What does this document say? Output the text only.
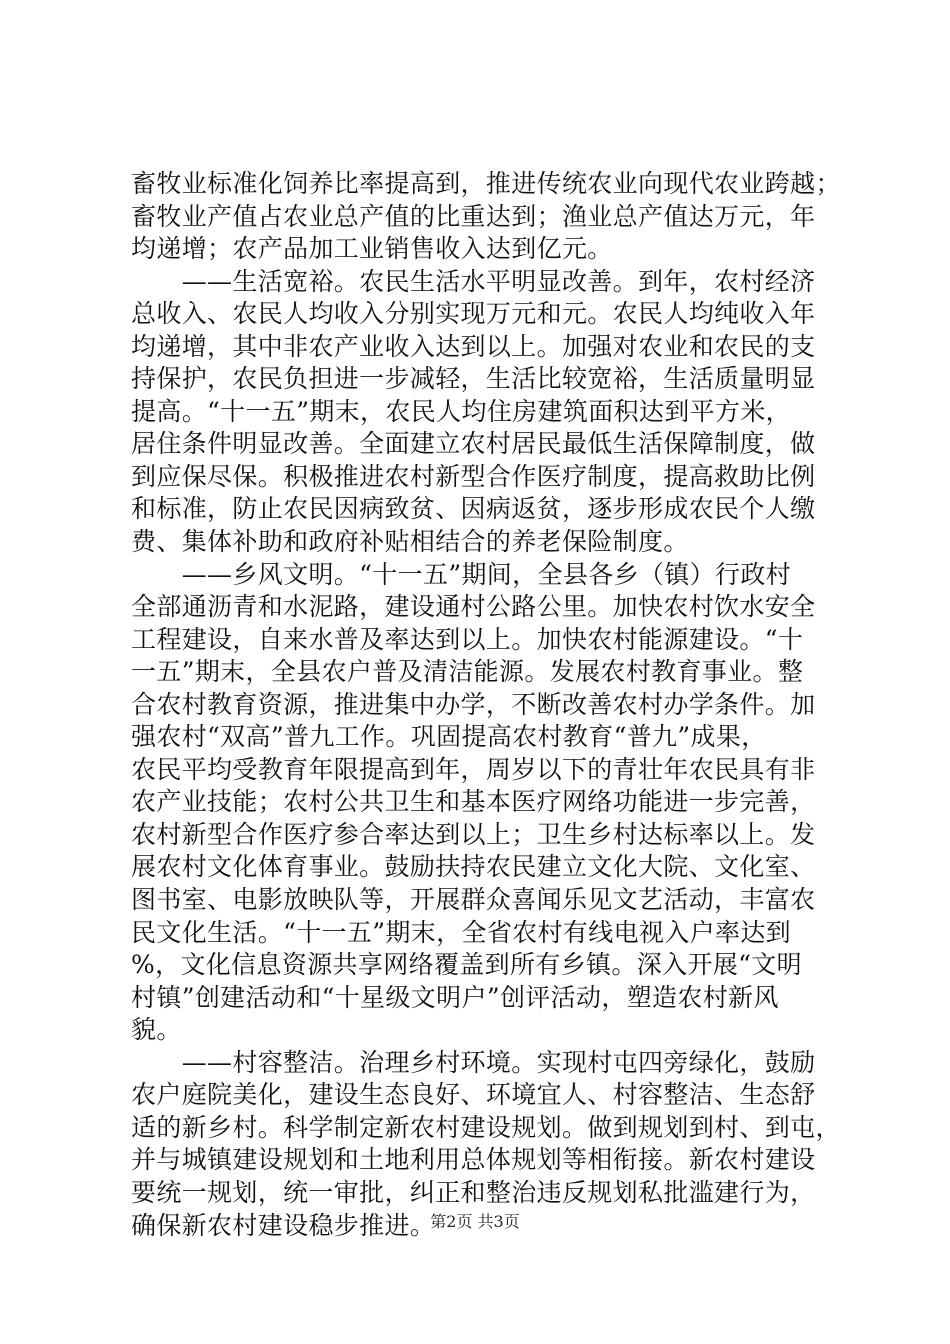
畜牧业标准化饲养比率提高到，推进传统农业向现代农业跨越；
畜牧业产值占农业总产值的比重达到；渔业总产值达万元，年
均递增；农产品加工业销售收入达到亿元。
　　——生活宽裕。农民生活水平明显改善。到年，农村经济
总收入、农民人均收入分别实现万元和元。农民人均纯收入年
均递增，其中非农产业收入达到以上。加强对农业和农民的支
持保护，农民负担进一步减轻，生活比较宽裕，生活质量明显
提高。“十一五”期末，农民人均住房建筑面积达到平方米，
居住条件明显改善。全面建立农村居民最低生活保障制度，做
到应保尽保。积极推进农村新型合作医疗制度，提高救助比例
和标准，防止农民因病致贫、因病返贫，逐步形成农民个人缴
费、集体补助和政府补贴相结合的养老保险制度。
　　——乡风文明。“十一五”期间，全县各乡（镇）行政村
全部通沥青和水泥路，建设通村公路公里。加快农村饮水安全
工程建设，自来水普及率达到以上。加快农村能源建设。“十
一五”期末，全县农户普及清洁能源。发展农村教育事业。整
合农村教育资源，推进集中办学，不断改善农村办学条件。加
强农村“双高”普九工作。巩固提高农村教育“普九”成果，
农民平均受教育年限提高到年，周岁以下的青壮年农民具有非
农产业技能；农村公共卫生和基本医疗网络功能进一步完善，
农村新型合作医疗参合率达到以上；卫生乡村达标率以上。发
展农村文化体育事业。鼓励扶持农民建立文化大院、文化室、
图书室、电影放映队等，开展群众喜闻乐见文艺活动，丰富农
民文化生活。“十一五”期末，全省农村有线电视入户率达到
%，文化信息资源共享网络覆盖到所有乡镇。深入开展“文明
村镇”创建活动和“十星级文明户”创评活动，塑造农村新风
貌。
　　——村容整洁。治理乡村环境。实现村屯四旁绿化，鼓励
农户庭院美化，建设生态良好、环境宜人、村容整洁、生态舒
适的新乡村。科学制定新农村建设规划。做到规划到村、到屯，
并与城镇建设规划和土地利用总体规划等相衔接。新农村建设
要统一规划，统一审批，纠正和整治违反规划私批滥建行为，
确保新农村建设稳步推进。
第2页 共3页
